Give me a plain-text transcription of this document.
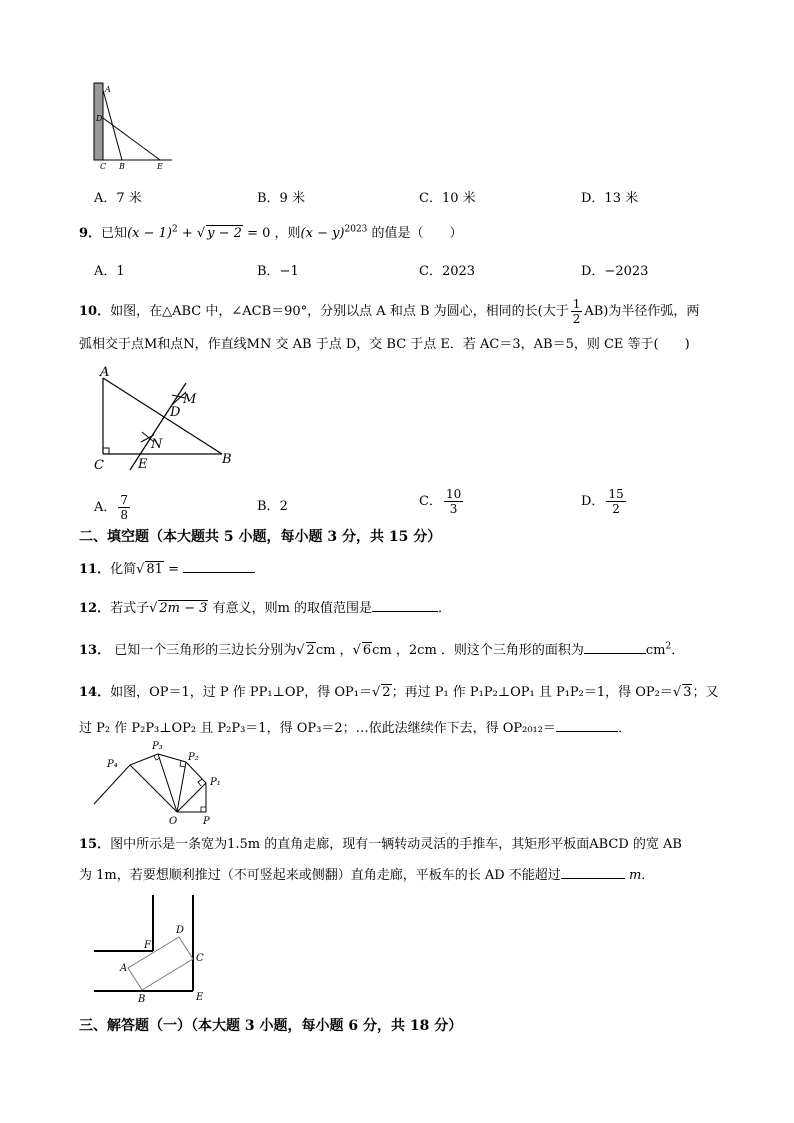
A
D
C B	E
A．7 米	B．9 米	C．10 米	D．13 米
9．已知$(x - 1)^2$ + √ y − 2 = 0 ，则$(x - y)^{2023}$ 的值是（　　）
A．1	B．−1	C．2023	D．−2023
10．如图，在△ABC 中，∠ACB＝90°，分别以点 A 和点 B 为圆心，相同的长(大于 $\frac{1}{2} AB$)为半径作弧，两
弧相交于点M和点N，作直线MN 交 AB 于点 D，交 BC 于点 E．若 AC＝3，AB＝5，则 CE 等于(　　)
A
M
D
N
C	E	B
A． $\frac{7}{8}$	B．2	C． $\frac{10}{3}$	D． $\frac{15}{2}$
二、填空题（本大题共 5 小题，每小题 3 分，共 15 分）
11．化简√ 81 =
12．若式子√ 2m − 3 有意义，则m 的取值范围是	．
13． 已知一个三角形的三边长分别为√ 2cm ，√ 6cm ，2cm ．则这个三角形的面积为	$cm^2$．
14．如图，OP＝1，过 P 作 PP₁⊥OP，得 OP₁＝√ 2；再过 P₁ 作 P₁P₂⊥OP₁ 且 P₁P₂＝1，得 OP₂＝√ 3；又
过 P₂ 作 P₂P₃⊥OP₂ 且 P₂P₃＝1，得 OP₃＝2；…依此法继续作下去，得 OP₂₀₁₂＝	．
P₄
P₃
P₂
P₁
O	P
15．图中所示是一条宽为1.5m 的直角走廊，现有一辆转动灵活的手推车，其矩形平板面ABCD 的宽 AB
为 1m，若要想顺利推过（不可竖起来或侧翻）直角走廊，平板车的长 AD 不能超过	m．
F
D
A
C
B	E
三、解答题（一）（本大题 3 小题，每小题 6 分，共 18 分）
